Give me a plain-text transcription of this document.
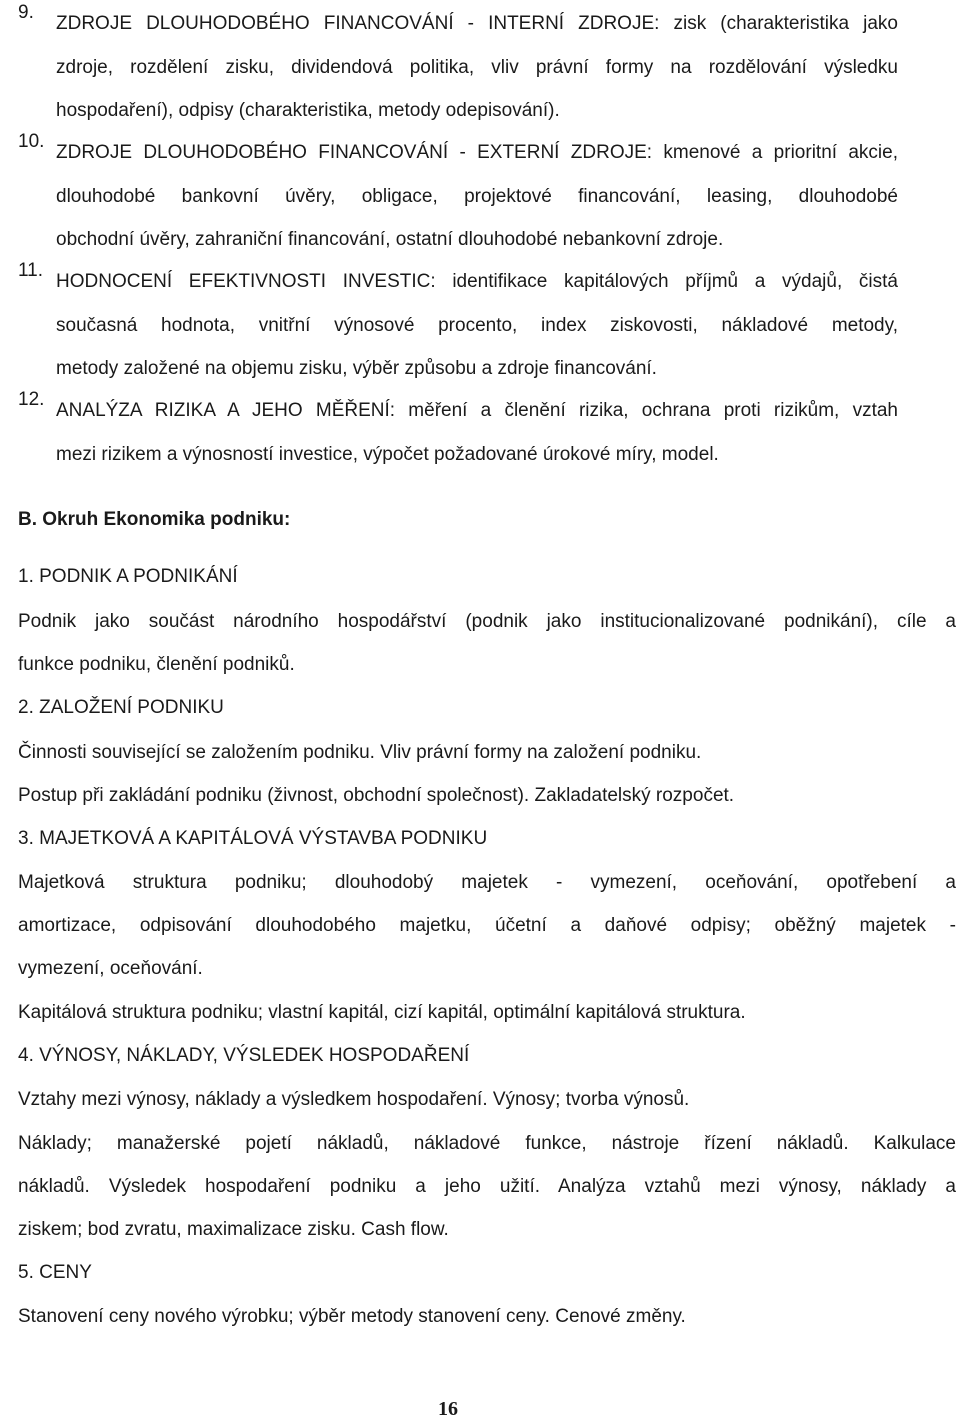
9.
ZDROJE DLOUHODOBÉHO FINANCOVÁNÍ - INTERNÍ ZDROJE: zisk (charakteristika jako
zdroje, rozdělení zisku, dividendová politika, vliv právní formy na rozdělování výsledku
hospodaření), odpisy (charakteristika, metody odepisování).
10.
ZDROJE DLOUHODOBÉHO FINANCOVÁNÍ - EXTERNÍ ZDROJE: kmenové a prioritní akcie,
dlouhodobé bankovní úvěry, obligace, projektové financování, leasing, dlouhodobé
obchodní úvěry, zahraniční financování, ostatní dlouhodobé nebankovní zdroje.
11.
HODNOCENÍ EFEKTIVNOSTI INVESTIC: identifikace kapitálových příjmů a výdajů, čistá
současná hodnota, vnitřní výnosové procento, index ziskovosti, nákladové metody,
metody založené na objemu zisku, výběr způsobu a zdroje financování.
12.
ANALÝZA RIZIKA A JEHO MĚŘENÍ: měření a členění rizika, ochrana proti rizikům, vztah
mezi rizikem a výnosností investice, výpočet požadované úrokové míry, model.
B. Okruh Ekonomika podniku:
1. PODNIK A PODNIKÁNÍ
Podnik jako součást národního hospodářství (podnik jako institucionalizované podnikání), cíle a
funkce podniku, členění podniků.
2. ZALOŽENÍ PODNIKU
Činnosti související se založením podniku. Vliv právní formy na založení podniku.
Postup při zakládání podniku (živnost, obchodní společnost). Zakladatelský rozpočet.
3. MAJETKOVÁ A KAPITÁLOVÁ VÝSTAVBA PODNIKU
Majetková struktura podniku; dlouhodobý majetek - vymezení, oceňování, opotřebení a
amortizace, odpisování dlouhodobého majetku, účetní a daňové odpisy; oběžný majetek -
vymezení, oceňování.
Kapitálová struktura podniku; vlastní kapitál, cizí kapitál, optimální kapitálová struktura.
4. VÝNOSY, NÁKLADY, VÝSLEDEK HOSPODAŘENÍ
Vztahy mezi výnosy, náklady a výsledkem hospodaření. Výnosy; tvorba výnosů.
Náklady; manažerské pojetí nákladů, nákladové funkce, nástroje řízení nákladů. Kalkulace
nákladů. Výsledek hospodaření podniku a jeho užití. Analýza vztahů mezi výnosy, náklady a
ziskem; bod zvratu, maximalizace zisku. Cash flow.
5. CENY
Stanovení ceny nového výrobku; výběr metody stanovení ceny. Cenové změny.
16
